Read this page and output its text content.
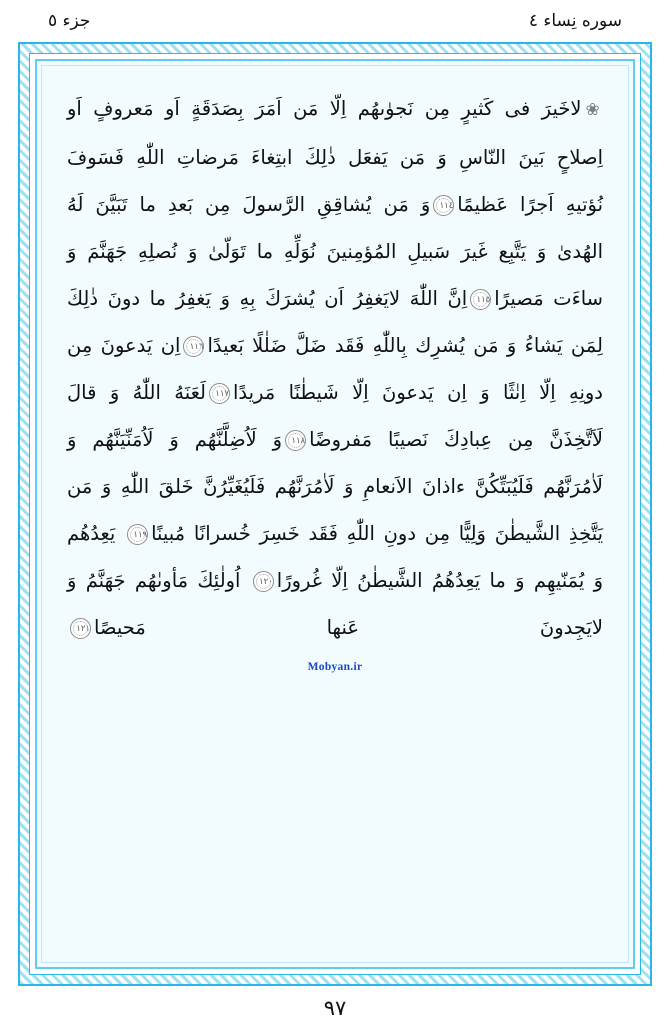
سوره نِساء ٤
جزء ٥
❀لاخَيرَ فى كَثيرٍ مِن نَجوٰىهُم اِلّا مَن اَمَرَ بِصَدَقَةٍ اَو مَعروفٍ اَو اِصلاحٍ بَينَ النّاسِ وَ مَن يَفعَل ذٰلِكَ ابتِغاءَ مَرضاتِ اللّٰهِ فَسَوفَ نُؤتيهِ اَجرًا عَظيمًا١١٤وَ مَن يُشاقِقِ الرَّسولَ مِن بَعدِ ما تَبَيَّنَ لَهُ الهُدىٰ وَ يَتَّبِع غَيرَ سَبيلِ المُؤمِنينَ نُوَلِّهِ ما تَوَلّىٰ وَ نُصلِهِ جَهَنَّمَ وَ ساءَت مَصيرًا١١٥اِنَّ اللّٰهَ لايَغفِرُ اَن يُشرَكَ بِهِ وَ يَغفِرُ ما دونَ ذٰلِكَ لِمَن يَشاءُ وَ مَن يُشرِك بِاللّٰهِ فَقَد ضَلَّ ضَلٰلًا بَعيدًا١١٦اِن يَدعونَ مِن دونِهِ اِلّا اِنٰثًا وَ اِن يَدعونَ اِلّا شَيطٰنًا مَريدًا١١٧لَعَنَهُ اللّٰهُ وَ قالَ لَاَتَّخِذَنَّ مِن عِبادِكَ نَصيبًا مَفروضًا١١٨وَ لَاُضِلَّنَّهُم وَ لَاُمَنِّيَنَّهُم وَ لَاٰمُرَنَّهُم فَلَيُبَتِّكُنَّ ءاذانَ الاَنعامِ وَ لَاٰمُرَنَّهُم فَلَيُغَيِّرُنَّ خَلقَ اللّٰهِ وَ مَن يَتَّخِذِ الشَّيطٰنَ وَلِيًّا مِن دونِ اللّٰهِ فَقَد خَسِرَ خُسرانًا مُبينًا١١٩ يَعِدُهُم وَ يُمَنّيهِم وَ ما يَعِدُهُمُ الشَّيطٰنُ اِلّا غُرورًا١٢٠ اُولٰئِكَ مَأوىٰهُم جَهَنَّمُ وَ لايَجِدونَ عَنها مَحيصًا١٢١
Mobyan.ir
٩٧
